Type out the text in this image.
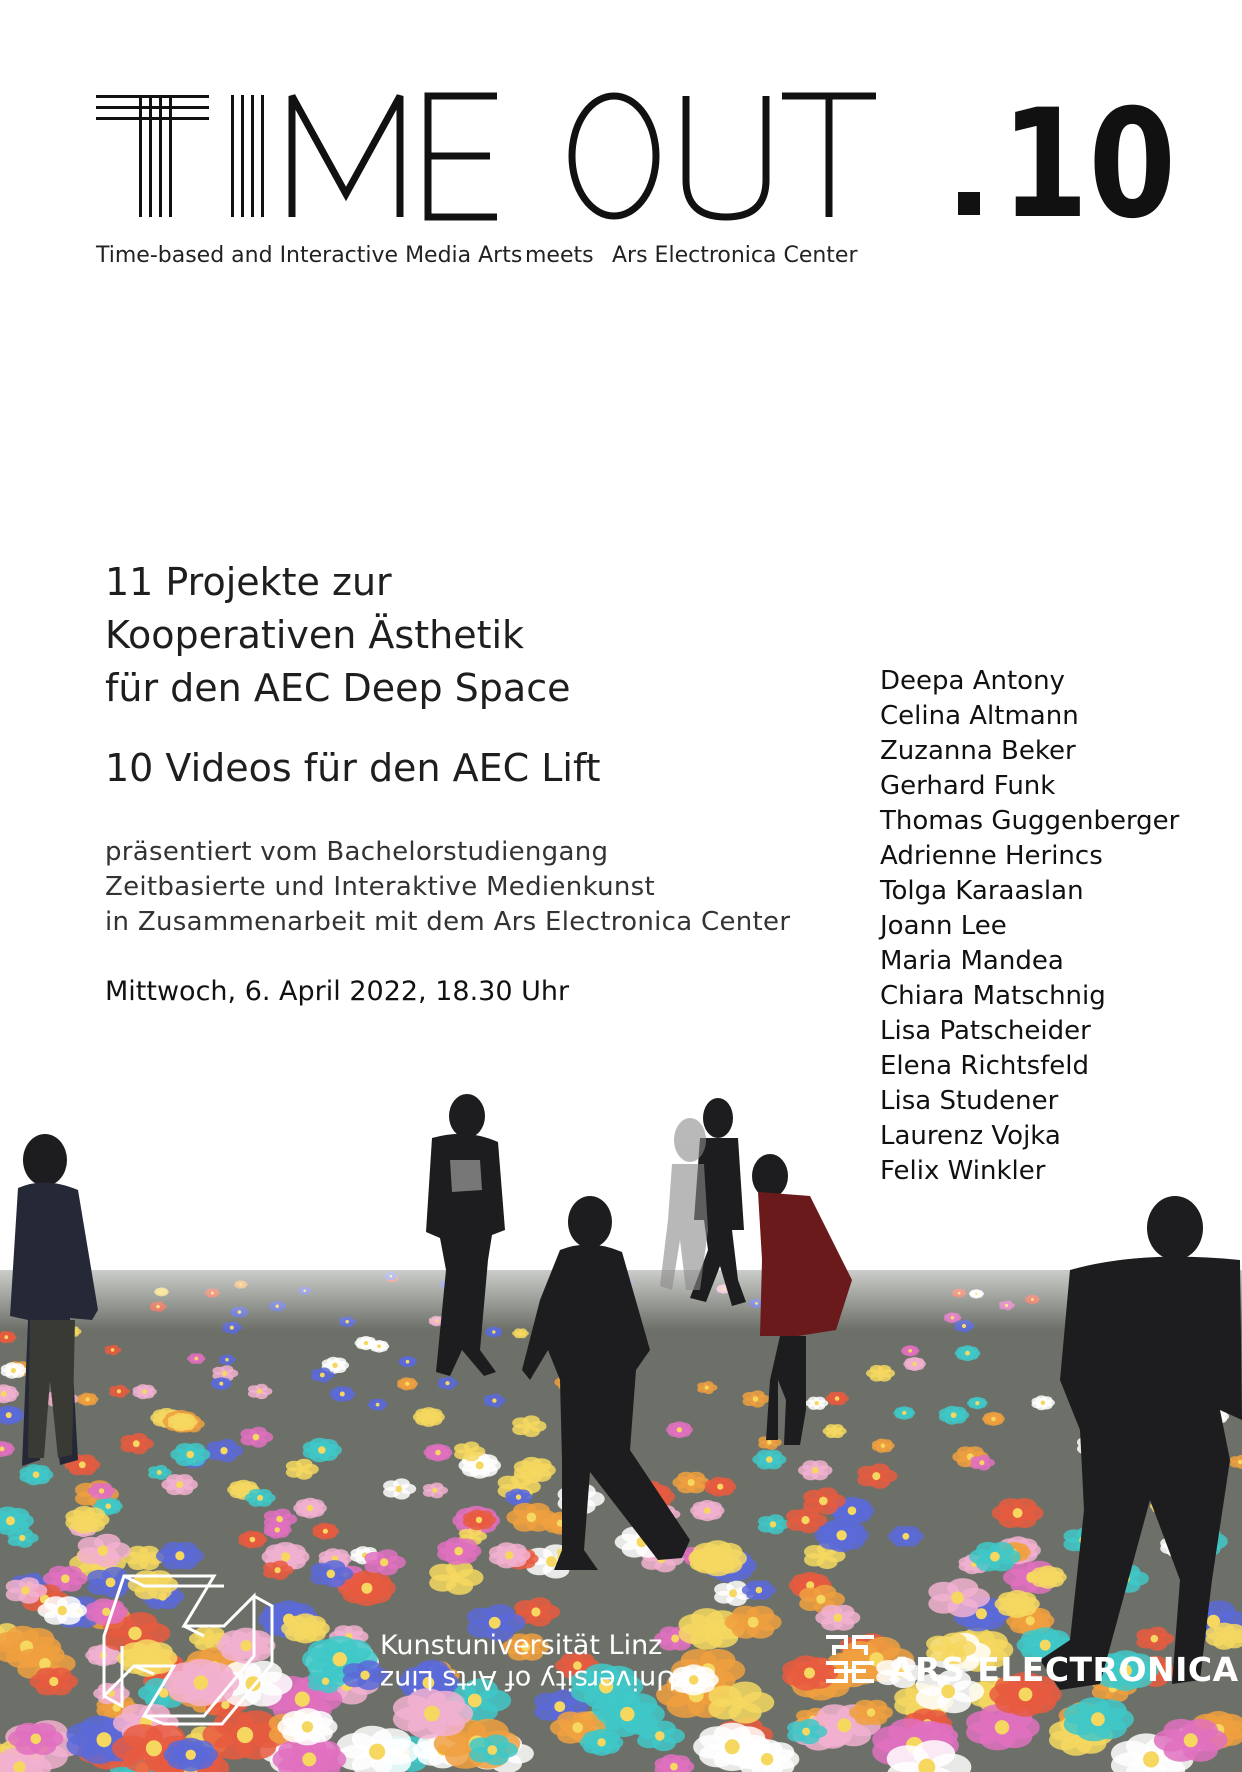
10
Time-based and Interactive Media Arts meets Ars Electronica Center
11 Projekte zur
Kooperativen Ästhetik
für den AEC Deep Space
10 Videos für den AEC Lift
präsentiert vom Bachelorstudiengang
Zeitbasierte und Interaktive Medienkunst
in Zusammenarbeit mit dem Ars Electronica Center
Mittwoch, 6. April 2022, 18.30 Uhr
Deepa Antony
Celina Altmann
Zuzanna Beker
Gerhard Funk
Thomas Guggenberger
Adrienne Herincs
Tolga Karaaslan
Joann Lee
Maria Mandea
Chiara Matschnig
Lisa Patscheider
Elena Richtsfeld
Lisa Studener
Laurenz Vojka
Felix Winkler
Kunstuniversität Linz
University of Arts Linz	ARS ELECTRONICA
